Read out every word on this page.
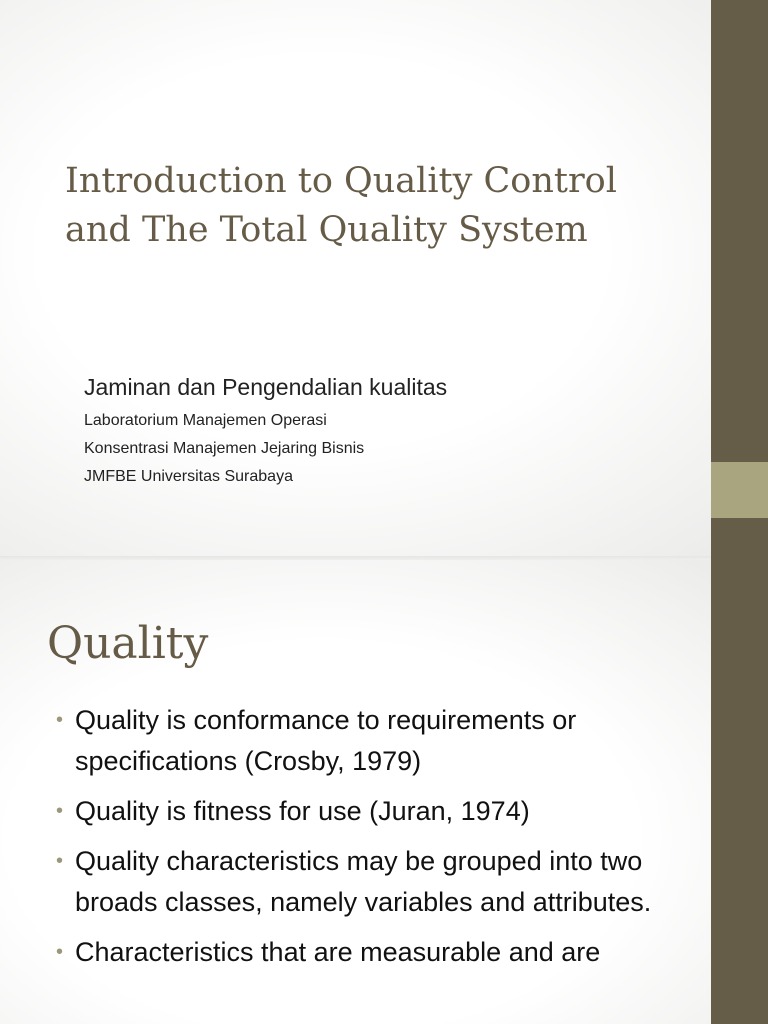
Introduction to Quality Control
and The Total Quality System
Jaminan dan Pengendalian kualitas
Laboratorium Manajemen Operasi
Konsentrasi Manajemen Jejaring Bisnis
JMFBE Universitas Surabaya
Quality
• Quality is conformance to requirements or specifications (Crosby, 1979)
• Quality is fitness for use (Juran, 1974)
• Quality characteristics may be grouped into two broads classes, namely variables and attributes.
• Characteristics that are measurable and are
